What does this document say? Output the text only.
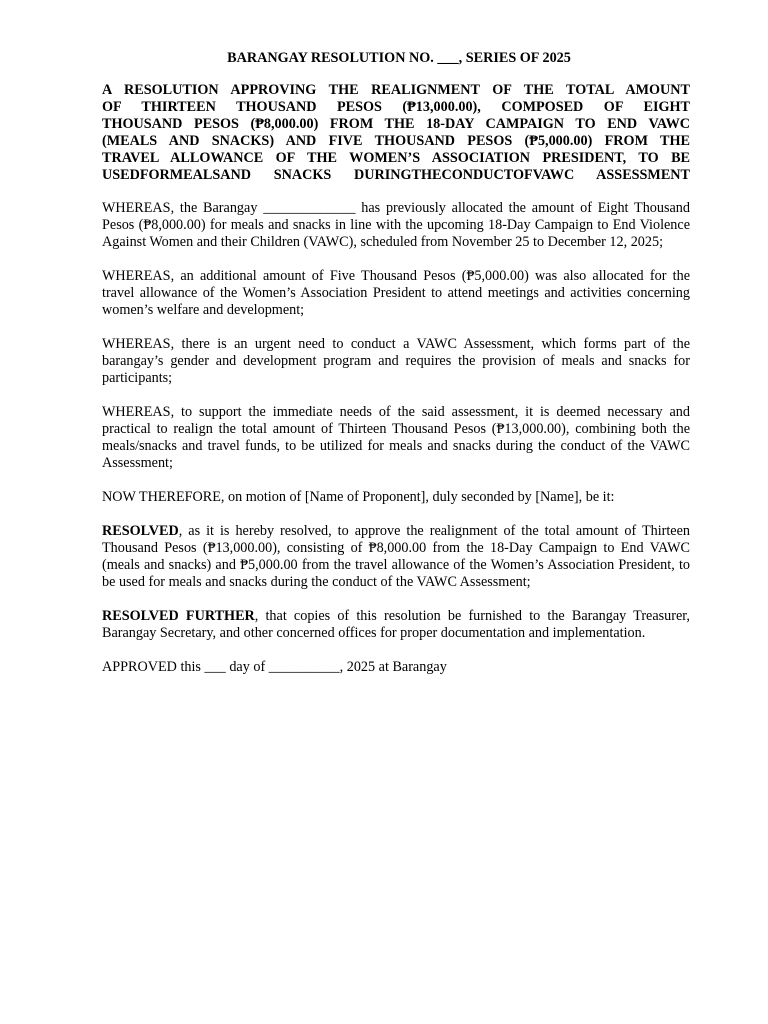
BARANGAY RESOLUTION NO. ___, SERIES OF 2025
A RESOLUTION APPROVING THE REALIGNMENT OF THE TOTAL AMOUNT
OF THIRTEEN THOUSAND PESOS (₱13,000.00), COMPOSED OF EIGHT
THOUSAND PESOS (₱8,000.00) FROM THE 18-DAY CAMPAIGN TO END VAWC
(MEALS AND SNACKS) AND FIVE THOUSAND PESOS (₱5,000.00) FROM THE
TRAVEL ALLOWANCE OF THE WOMEN’S ASSOCIATION PRESIDENT, TO BE
USEDFORMEALSAND SNACKS DURINGTHECONDUCTOFVAWC ASSESSMENT

WHEREAS, the Barangay _____________ has previously allocated the amount of Eight Thousand Pesos (₱8,000.00) for meals and snacks in line with the upcoming 18-Day Campaign to End Violence Against Women and their Children (VAWC), scheduled from November 25 to December 12, 2025;

WHEREAS, an additional amount of Five Thousand Pesos (₱5,000.00) was also allocated for the travel allowance of the Women’s Association President to attend meetings and activities concerning women’s welfare and development;

WHEREAS, there is an urgent need to conduct a VAWC Assessment, which forms part of the barangay’s gender and development program and requires the provision of meals and snacks for participants;

WHEREAS, to support the immediate needs of the said assessment, it is deemed necessary and practical to realign the total amount of Thirteen Thousand Pesos (₱13,000.00), combining both the meals/snacks and travel funds, to be utilized for meals and snacks during the conduct of the VAWC Assessment;

NOW THEREFORE, on motion of [Name of Proponent], duly seconded by [Name], be it:

RESOLVED, as it is hereby resolved, to approve the realignment of the total amount of Thirteen Thousand Pesos (₱13,000.00), consisting of ₱8,000.00 from the 18-Day Campaign to End VAWC (meals and snacks) and ₱5,000.00 from the travel allowance of the Women’s Association President, to be used for meals and snacks during the conduct of the VAWC Assessment;

RESOLVED FURTHER, that copies of this resolution be furnished to the Barangay Treasurer, Barangay Secretary, and other concerned offices for proper documentation and implementation.

APPROVED this ___ day of __________, 2025 at Barangay
